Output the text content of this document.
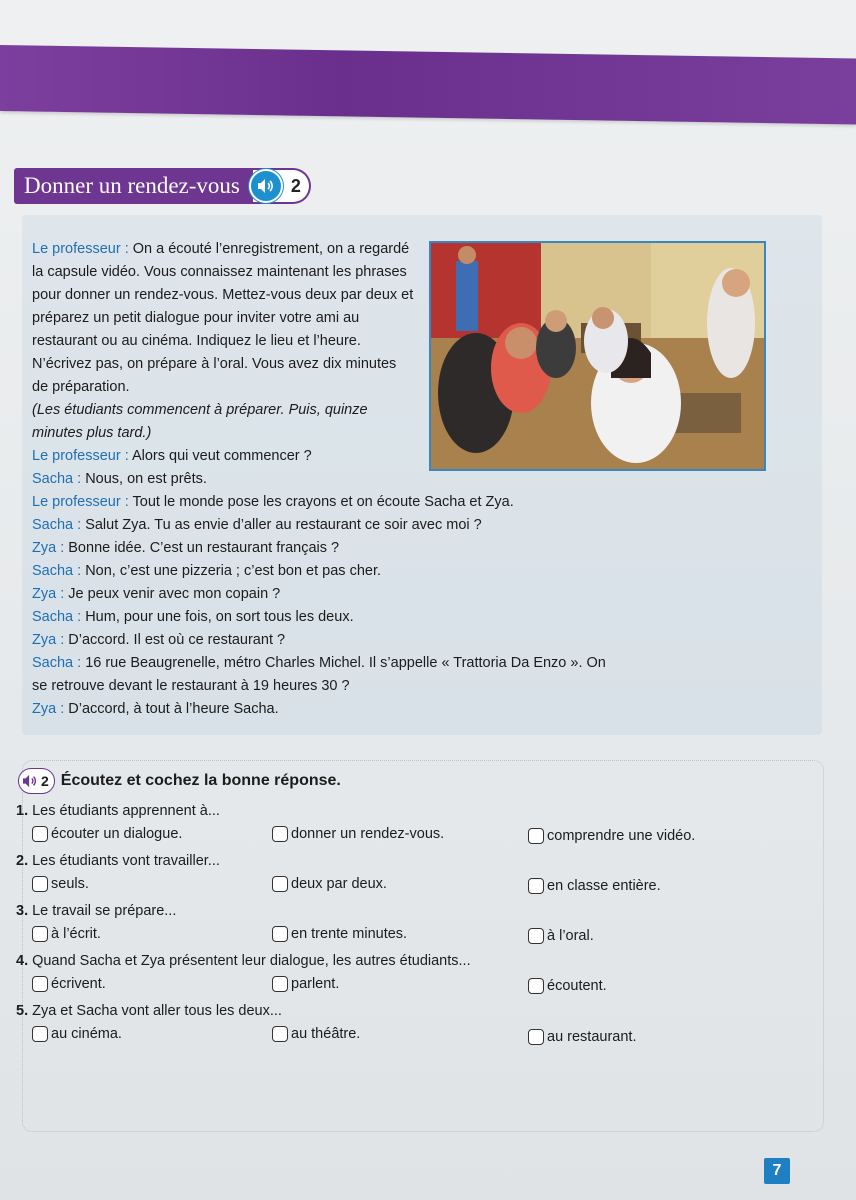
Donner un rendez-vous	2
Le professeur : On a écouté l’enregistrement, on a regardé la capsule vidéo. Vous connaissez maintenant les phrases pour donner un rendez-vous. Mettez-vous deux par deux et préparez un petit dialogue pour inviter votre ami au restaurant ou au cinéma. Indiquez le lieu et l’heure. N’écrivez pas, on prépare à l’oral. Vous avez dix minutes de préparation.
(Les étudiants commencent à préparer. Puis, quinze minutes plus tard.)
Le professeur : Alors qui veut commencer ?
Sacha : Nous, on est prêts.
Le professeur : Tout le monde pose les crayons et on écoute Sacha et Zya.
Sacha : Salut Zya. Tu as envie d’aller au restaurant ce soir avec moi ?
Zya : Bonne idée. C’est un restaurant français ?
Sacha : Non, c’est une pizzeria ; c’est bon et pas cher.
Zya : Je peux venir avec mon copain ?
Sacha : Hum, pour une fois, on sort tous les deux.
Zya : D’accord. Il est où ce restaurant ?
Sacha : 16 rue Beaugrenelle, métro Charles Michel. Il s’appelle « Trattoria Da Enzo ». On
se retrouve devant le restaurant à 19 heures 30 ?
Zya : D’accord, à tout à l’heure Sacha.
2 Écoutez et cochez la bonne réponse.
1. Les étudiants apprennent à...
écouter un dialogue.	donner un rendez-vous.	comprendre une vidéo.
2. Les étudiants vont travailler...
seuls.	deux par deux.	en classe entière.
3. Le travail se prépare...
à l’écrit.	en trente minutes.	à l’oral.
4. Quand Sacha et Zya présentent leur dialogue, les autres étudiants...
écrivent.	parlent.	écoutent.
5. Zya et Sacha vont aller tous les deux...
au cinéma.	au théâtre.	au restaurant.
7
